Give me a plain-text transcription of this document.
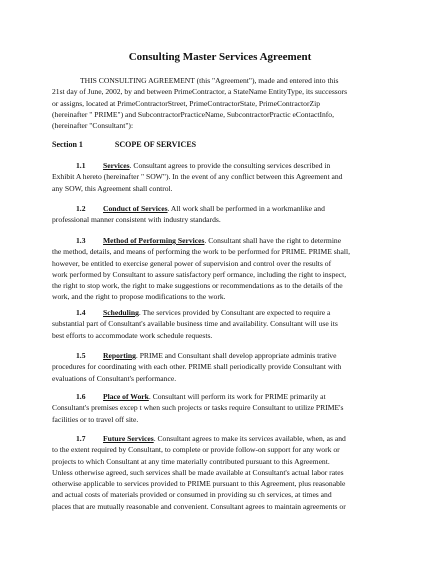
Consulting Master Services Agreement
THIS CONSULTING AGREEMENT (this "Agreement"), made and entered into this
21st day of June, 2002, by and between PrimeContractor, a StateName EntityType, its successors
or assigns, located at PrimeContractorStreet, PrimeContractorState, PrimeContractorZip
(hereinafter " PRIME") and SubcontractorPracticeName, SubcontractorPractic eContactInfo,
(hereinafter "Consultant"):
Section 1	SCOPE OF SERVICES
1.1 Services. Consultant agrees to provide the consulting services described in
Exhibit A hereto (hereinafter " SOW"). In the event of any conflict between this Agreement and
any SOW, this Agreement shall control.
1.2 Conduct of Services. All work shall be performed in a workmanlike and
professional manner consistent with industry standards.
1.3 Method of Performing Services. Consultant shall have the right to determine
the method, details, and means of performing the work to be performed for PRIME. PRIME shall,
however, be entitled to exercise general power of supervision and control over the results of
work performed by Consultant to assure satisfactory perf ormance, including the right to inspect,
the right to stop work, the right to make suggestions or recommendations as to the details of the
work, and the right to propose modifications to the work.
1.4 Scheduling. The services provided by Consultant are expected to require a
substantial part of Consultant's available business time and availability. Consultant will use its
best efforts to accommodate work schedule requests.
1.5 Reporting. PRIME and Consultant shall develop appropriate adminis trative
procedures for coordinating with each other. PRIME shall periodically provide Consultant with
evaluations of Consultant's performance.
1.6 Place of Work. Consultant will perform its work for PRIME primarily at
Consultant's premises excep t when such projects or tasks require Consultant to utilize PRIME's
facilities or to travel off site.
1.7 Future Services. Consultant agrees to make its services available, when, as and
to the extent required by Consultant, to complete or provide follow-on support for any work or
projects to which Consultant at any time materially contributed pursuant to this Agreement.
Unless otherwise agreed, such services shall be made available at Consultant's actual labor rates
otherwise applicable to services provided to PRIME pursuant to this Agreement, plus reasonable
and actual costs of materials provided or consumed in providing su ch services, at times and
places that are mutually reasonable and convenient. Consultant agrees to maintain agreements or
